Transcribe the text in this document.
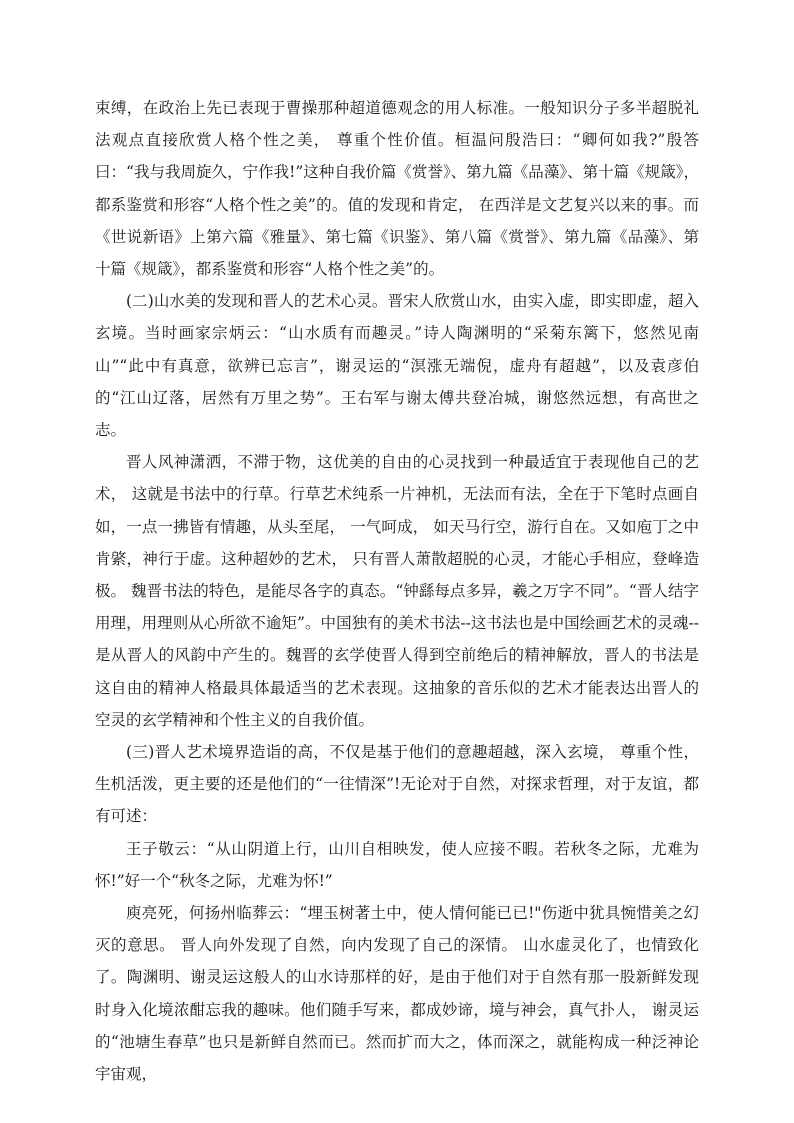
束缚，在政治上先已表现于曹操那种超道德观念的用人标准。一般知识分子多半超脱礼法观点直接欣赏人格个性之美， 尊重个性价值。桓温问殷浩曰：“卿何如我?”殷答曰：“我与我周旋久，宁作我!”这种自我价篇《赏誉》、第九篇《品藻》、第十篇《规箴》，都系鉴赏和形容“人格个性之美”的。值的发现和肯定， 在西洋是文艺复兴以来的事。而《世说新语》上第六篇《雅量》、第七篇《识鉴》、第八篇《赏誉》、第九篇《品藻》、第十篇《规箴》，都系鉴赏和形容“人格个性之美”的。

(二)山水美的发现和晋人的艺术心灵。晋宋人欣赏山水，由实入虚，即实即虚，超入玄境。当时画家宗炳云：“山水质有而趣灵。”诗人陶渊明的“采菊东篱下，悠然见南山”“此中有真意，欲辨已忘言”，谢灵运的“溟涨无端倪，虚舟有超越”，以及袁彦伯的“江山辽落，居然有万里之势”。王右军与谢太傅共登冶城，谢悠然远想，有高世之志。

晋人风神潇洒，不滞于物，这优美的自由的心灵找到一种最适宜于表现他自己的艺术， 这就是书法中的行草。行草艺术纯系一片神机，无法而有法，全在于下笔时点画自如，一点一拂皆有情趣，从头至尾， 一气呵成， 如天马行空，游行自在。又如庖丁之中肯綮，神行于虚。这种超妙的艺术， 只有晋人萧散超脱的心灵，才能心手相应，登峰造极。 魏晋书法的特色，是能尽各字的真态。“钟繇每点多异，羲之万字不同”。“晋人结字用理，用理则从心所欲不逾矩”。中国独有的美术书法--这书法也是中国绘画艺术的灵魂--是从晋人的风韵中产生的。魏晋的玄学使晋人得到空前绝后的精神解放，晋人的书法是这自由的精神人格最具体最适当的艺术表现。这抽象的音乐似的艺术才能表达出晋人的空灵的玄学精神和个性主义的自我价值。

(三)晋人艺术境界造诣的高，不仅是基于他们的意趣超越，深入玄境， 尊重个性，生机活泼，更主要的还是他们的“一往情深”!无论对于自然，对探求哲理，对于友谊，都有可述：

王子敬云：“从山阴道上行，山川自相映发，使人应接不暇。若秋冬之际，尤难为怀!”好一个“秋冬之际，尤难为怀!”

庾亮死，何扬州临葬云：“埋玉树著土中，使人情何能已已!"伤逝中犹具惋惜美之幻灭的意思。 晋人向外发现了自然，向内发现了自己的深情。 山水虚灵化了，也情致化了。陶渊明、谢灵运这般人的山水诗那样的好，是由于他们对于自然有那一股新鲜发现时身入化境浓酣忘我的趣味。他们随手写来，都成妙谛，境与神会，真气扑人， 谢灵运的“池塘生春草”也只是新鲜自然而已。然而扩而大之，体而深之，就能构成一种泛神论宇宙观，
